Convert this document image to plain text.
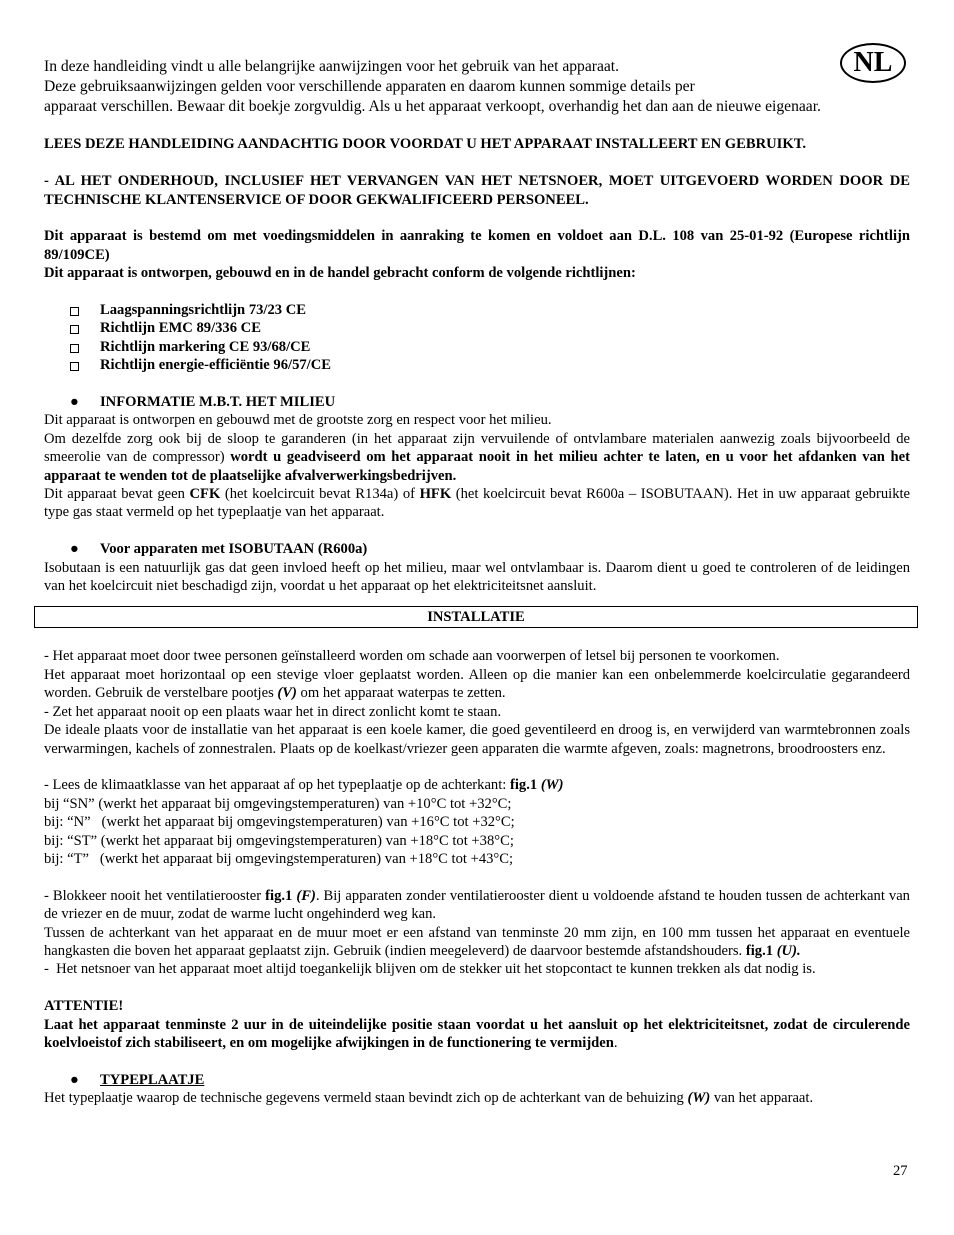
NL

In deze handleiding vindt u alle belangrijke aanwijzingen voor het gebruik van het apparaat.

Deze gebruiksaanwijzingen gelden voor verschillende apparaten en daarom kunnen sommige details per

apparaat verschillen. Bewaar dit boekje zorgvuldig. Als u het apparaat verkoopt, overhandig het dan aan de nieuwe eigenaar.

LEES DEZE HANDLEIDING AANDACHTIG DOOR VOORDAT U HET APPARAAT INSTALLEERT EN GEBRUIKT.

- AL HET ONDERHOUD, INCLUSIEF HET VERVANGEN VAN HET NETSNOER, MOET UITGEVOERD WORDEN DOOR DE TECHNISCHE KLANTENSERVICE OF DOOR GEKWALIFICEERD PERSONEEL.

Dit apparaat is bestemd om met voedingsmiddelen in aanraking te komen en voldoet aan D.L. 108 van 25-01-92 (Europese richtlijn 89/109CE)

Dit apparaat is ontworpen, gebouwd en in de handel gebracht conform de volgende richtlijnen:

Laagspanningsrichtlijn 73/23 CE
Richtlijn EMC 89/336 CE
Richtlijn markering CE 93/68/CE
Richtlijn energie-efficiëntie 96/57/CE

● INFORMATIE M.B.T. HET MILIEU

Dit apparaat is ontworpen en gebouwd met de grootste zorg en respect voor het milieu.

Om dezelfde zorg ook bij de sloop te garanderen (in het apparaat zijn vervuilende of ontvlambare materialen aanwezig zoals bijvoorbeeld de smeerolie van de compressor) wordt u geadviseerd om het apparaat nooit in het milieu achter te laten, en u voor het afdanken van het apparaat te wenden tot de plaatselijke afvalverwerkingsbedrijven.

Dit apparaat bevat geen CFK (het koelcircuit bevat R134a) of HFK (het koelcircuit bevat R600a – ISOBUTAAN). Het in uw apparaat gebruikte type gas staat vermeld op het typeplaatje van het apparaat.

● Voor apparaten met ISOBUTAAN (R600a)

Isobutaan is een natuurlijk gas dat geen invloed heeft op het milieu, maar wel ontvlambaar is. Daarom dient u goed te controleren of de leidingen van het koelcircuit niet beschadigd zijn, voordat u het apparaat op het elektriciteitsnet aansluit.

INSTALLATIE

- Het apparaat moet door twee personen geïnstalleerd worden om schade aan voorwerpen of letsel bij personen te voorkomen.

Het apparaat moet horizontaal op een stevige vloer geplaatst worden. Alleen op die manier kan een onbelemmerde koelcirculatie gegarandeerd worden. Gebruik de verstelbare pootjes (V) om het apparaat waterpas te zetten.

- Zet het apparaat nooit op een plaats waar het in direct zonlicht komt te staan.

De ideale plaats voor de installatie van het apparaat is een koele kamer, die goed geventileerd en droog is, en verwijderd van warmtebronnen zoals verwarmingen, kachels of zonnestralen. Plaats op de koelkast/vriezer geen apparaten die warmte afgeven, zoals: magnetrons, broodroosters enz.

- Lees de klimaatklasse van het apparaat af op het typeplaatje op de achterkant: fig.1 (W)

bij “SN” (werkt het apparaat bij omgevingstemperaturen) van +10°C tot +32°C;

bij: “N”   (werkt het apparaat bij omgevingstemperaturen) van +16°C tot +32°C;

bij: “ST” (werkt het apparaat bij omgevingstemperaturen) van +18°C tot +38°C;

bij: “T”   (werkt het apparaat bij omgevingstemperaturen) van +18°C tot +43°C;

- Blokkeer nooit het ventilatierooster fig.1 (F). Bij apparaten zonder ventilatierooster dient u voldoende afstand te houden tussen de achterkant van de vriezer en de muur, zodat de warme lucht ongehinderd weg kan.

Tussen de achterkant van het apparaat en de muur moet er een afstand van tenminste 20 mm zijn, en 100 mm tussen het apparaat en eventuele hangkasten die boven het apparaat geplaatst zijn. Gebruik (indien meegeleverd) de daarvoor bestemde afstandshouders. fig.1 (U).

-  Het netsnoer van het apparaat moet altijd toegankelijk blijven om de stekker uit het stopcontact te kunnen trekken als dat nodig is.

ATTENTIE!

Laat het apparaat tenminste 2 uur in de uiteindelijke positie staan voordat u het aansluit op het elektriciteitsnet, zodat de circulerende koelvloeistof zich stabiliseert, en om mogelijke afwijkingen in de functionering te vermijden.

● TYPEPLAATJE

Het typeplaatje waarop de technische gegevens vermeld staan bevindt zich op de achterkant van de behuizing (W) van het apparaat.

27
